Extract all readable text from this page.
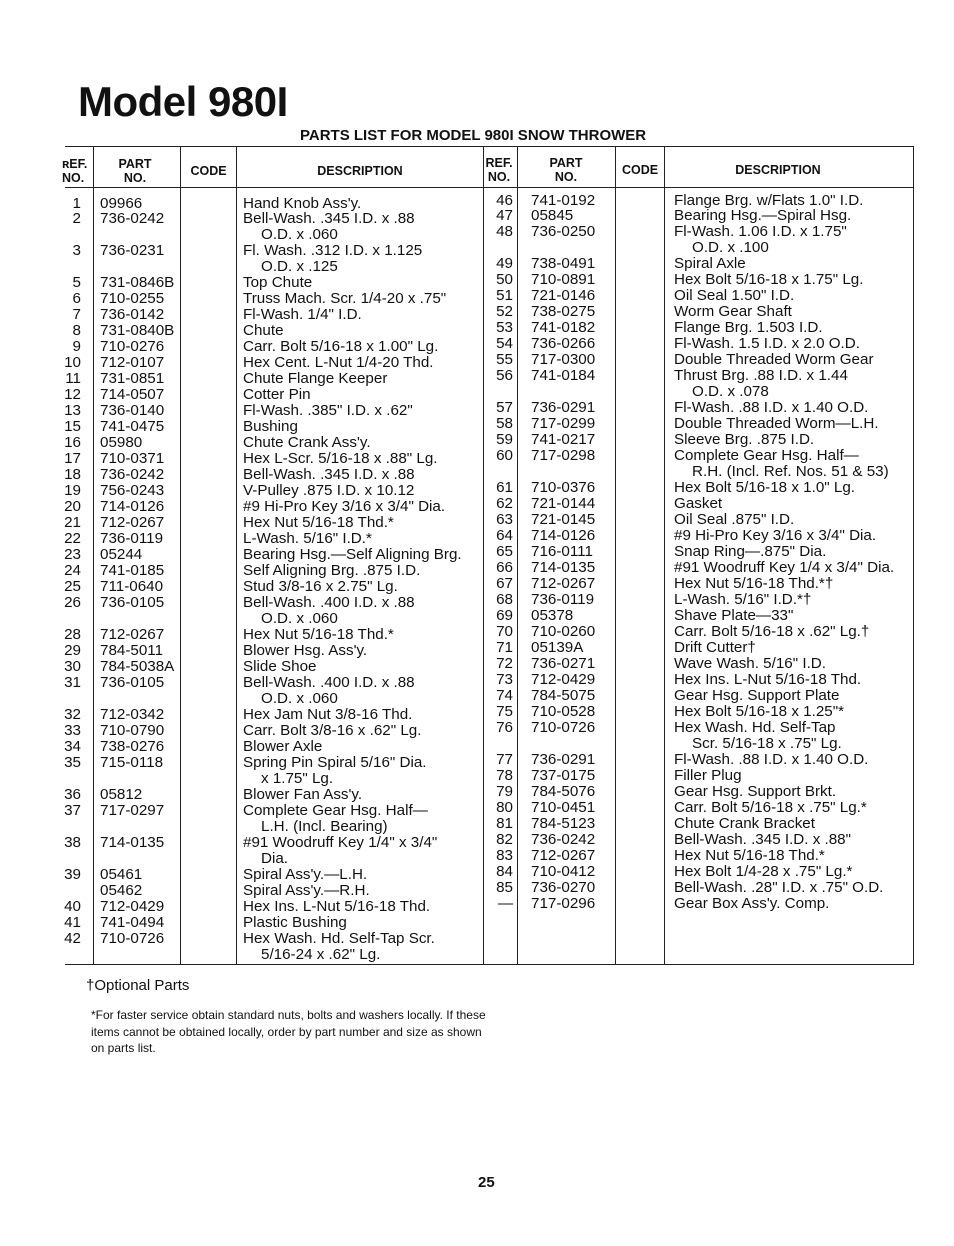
Model 980I
PARTS LIST FOR MODEL 980I SNOW THROWER
ʀEF.
NO.
PART
NO.	CODE	DESCRIPTION
REF.
NO.
PART
NO.	CODE	DESCRIPTION
1 09966	Hand Knob Ass'y.
2 736-0242	Bell-Wash. .345 I.D. x .88
O.D. x .060
3 736-0231	Fl. Wash. .312 I.D. x 1.125
O.D. x .125
5 731-0846B	Top Chute
6 710-0255	Truss Mach. Scr. 1/4-20 x .75"
7 736-0142	Fl-Wash. 1/4" I.D.
8 731-0840B	Chute
9 710-0276	Carr. Bolt 5/16-18 x 1.00" Lg.
10 712-0107	Hex Cent. L-Nut 1/4-20 Thd.
11 731-0851	Chute Flange Keeper
12 714-0507	Cotter Pin
13 736-0140	Fl-Wash. .385" I.D. x .62"
15 741-0475	Bushing
16 05980	Chute Crank Ass'y.
17 710-0371	Hex L-Scr. 5/16-18 x .88" Lg.
18 736-0242	Bell-Wash. .345 I.D. x .88
19 756-0243	V-Pulley .875 I.D. x 10.12
20 714-0126	#9 Hi-Pro Key 3/16 x 3/4" Dia.
21 712-0267	Hex Nut 5/16-18 Thd.*
22 736-0119	L-Wash. 5/16" I.D.*
23 05244	Bearing Hsg.—Self Aligning Brg.
24 741-0185	Self Aligning Brg. .875 I.D.
25 711-0640	Stud 3/8-16 x 2.75" Lg.
26 736-0105	Bell-Wash. .400 I.D. x .88
O.D. x .060
28 712-0267	Hex Nut 5/16-18 Thd.*
29 784-5011	Blower Hsg. Ass'y.
30 784-5038A	Slide Shoe
31 736-0105	Bell-Wash. .400 I.D. x .88
O.D. x .060
32 712-0342	Hex Jam Nut 3/8-16 Thd.
33 710-0790	Carr. Bolt 3/8-16 x .62" Lg.
34 738-0276	Blower Axle
35 715-0118	Spring Pin Spiral 5/16" Dia.
x 1.75" Lg.
36 05812	Blower Fan Ass'y.
37 717-0297	Complete Gear Hsg. Half—
L.H. (Incl. Bearing)
38 714-0135	#91 Woodruff Key 1/4" x 3/4"
Dia.
39 05461	Spiral Ass'y.—L.H.
05462	Spiral Ass'y.—R.H.
40 712-0429	Hex Ins. L-Nut 5/16-18 Thd.
41 741-0494	Plastic Bushing
42 710-0726	Hex Wash. Hd. Self-Tap Scr.
5/16-24 x .62" Lg.
46 741-0192	Flange Brg. w/Flats 1.0" I.D.
47 05845	Bearing Hsg.—Spiral Hsg.
48 736-0250	Fl-Wash. 1.06 I.D. x 1.75"
O.D. x .100
49 738-0491	Spiral Axle
50 710-0891	Hex Bolt 5/16-18 x 1.75" Lg.
51 721-0146	Oil Seal 1.50" I.D.
52 738-0275	Worm Gear Shaft
53 741-0182	Flange Brg. 1.503 I.D.
54 736-0266	Fl-Wash. 1.5 I.D. x 2.0 O.D.
55 717-0300	Double Threaded Worm Gear
56 741-0184	Thrust Brg. .88 I.D. x 1.44
O.D. x .078
57 736-0291	Fl-Wash. .88 I.D. x 1.40 O.D.
58 717-0299	Double Threaded Worm—L.H.
59 741-0217	Sleeve Brg. .875 I.D.
60 717-0298	Complete Gear Hsg. Half—
R.H. (Incl. Ref. Nos. 51 & 53)
61 710-0376	Hex Bolt 5/16-18 x 1.0" Lg.
62 721-0144	Gasket
63 721-0145	Oil Seal .875" I.D.
64 714-0126	#9 Hi-Pro Key 3/16 x 3/4" Dia.
65 716-0111	Snap Ring—.875" Dia.
66 714-0135	#91 Woodruff Key 1/4 x 3/4" Dia.
67 712-0267	Hex Nut 5/16-18 Thd.*†
68 736-0119	L-Wash. 5/16" I.D.*†
69 05378	Shave Plate—33"
70 710-0260	Carr. Bolt 5/16-18 x .62" Lg.†
71 05139A	Drift Cutter†
72 736-0271	Wave Wash. 5/16" I.D.
73 712-0429	Hex Ins. L-Nut 5/16-18 Thd.
74 784-5075	Gear Hsg. Support Plate
75 710-0528	Hex Bolt 5/16-18 x 1.25"*
76 710-0726	Hex Wash. Hd. Self-Tap
Scr. 5/16-18 x .75" Lg.
77 736-0291	Fl-Wash. .88 I.D. x 1.40 O.D.
78 737-0175	Filler Plug
79 784-5076	Gear Hsg. Support Brkt.
80 710-0451	Carr. Bolt 5/16-18 x .75" Lg.*
81 784-5123	Chute Crank Bracket
82 736-0242	Bell-Wash. .345 I.D. x .88"
83 712-0267	Hex Nut 5/16-18 Thd.*
84 710-0412	Hex Bolt 1/4-28 x .75" Lg.*
85 736-0270	Bell-Wash. .28" I.D. x .75" O.D.
— 717-0296	Gear Box Ass'y. Comp.
†Optional Parts
*For faster service obtain standard nuts, bolts and washers locally. If these items cannot be obtained locally, order by part number and size as shown on parts list.
25
